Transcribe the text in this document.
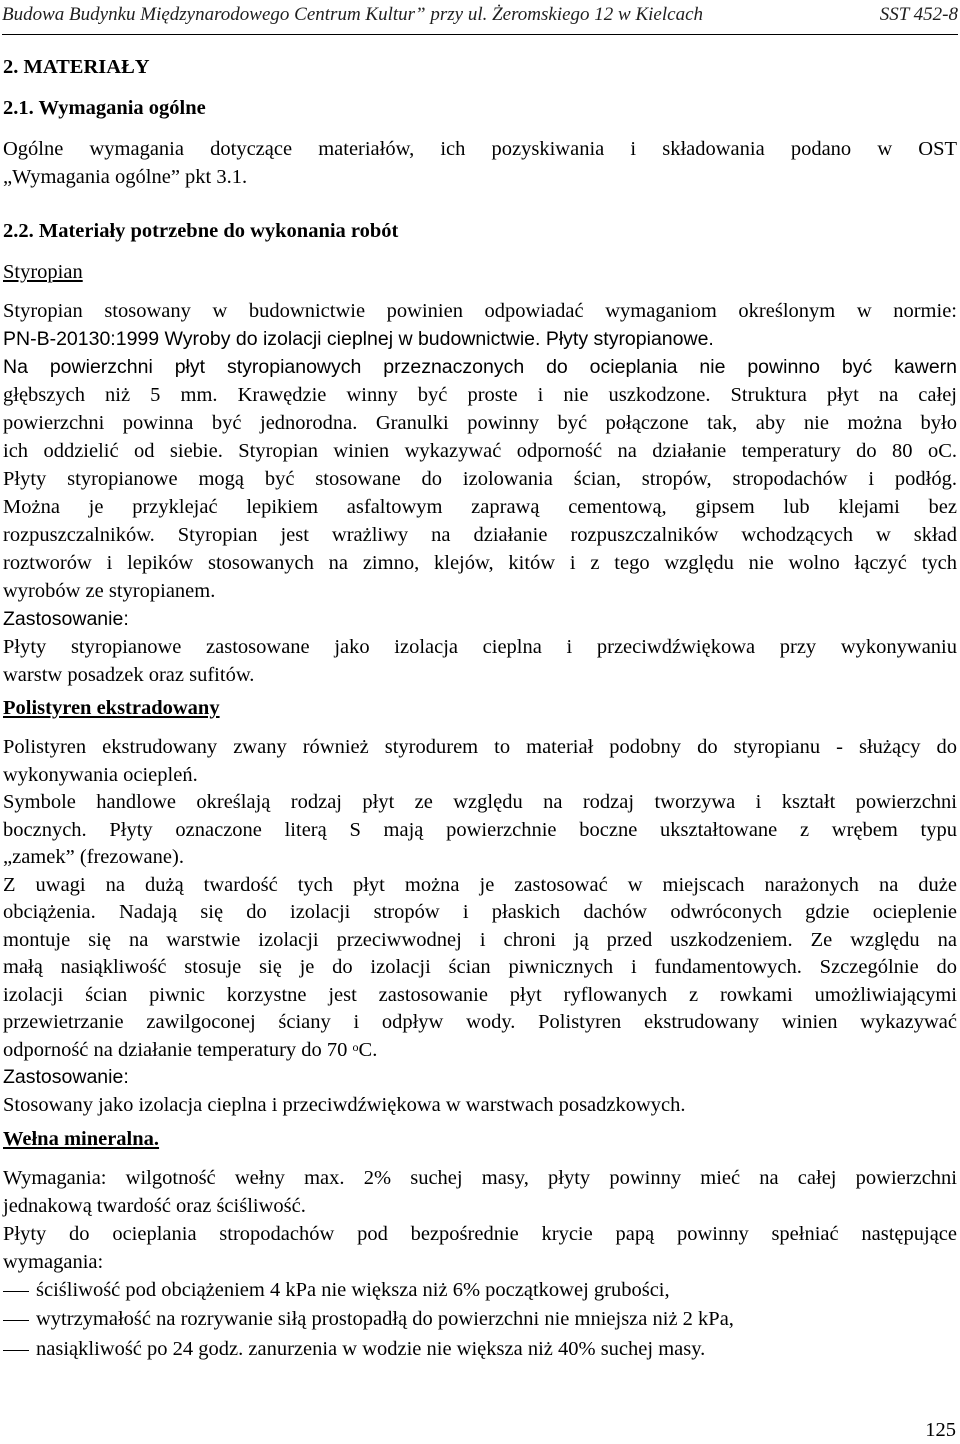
Budowa Budynku Międzynarodowego Centrum Kultur” przy ul. Żeromskiego 12 w Kielcach	SST 452-8
2. MATERIAŁY
2.1. Wymagania ogólne
Ogólne wymagania dotyczące materiałów, ich pozyskiwania i składowania podano w OST
„Wymagania ogólne” pkt 3.1.
2.2. Materiały potrzebne do wykonania robót
Styropian
Styropian stosowany w budownictwie powinien odpowiadać wymaganiom określonym w normie:
PN-B-20130:1999 Wyroby do izolacji cieplnej w budownictwie. Płyty styropianowe.
Na powierzchni płyt styropianowych przeznaczonych do ocieplania nie powinno być kawern
głębszych niż 5 mm. Krawędzie winny być proste i nie uszkodzone. Struktura płyt na całej
powierzchni powinna być jednorodna. Granulki powinny być połączone tak, aby nie można było
ich oddzielić od siebie. Styropian winien wykazywać odporność na działanie temperatury do 80 oC.
Płyty styropianowe mogą być stosowane do izolowania ścian, stropów, stropodachów i podłóg.
Można je przyklejać lepikiem asfaltowym zaprawą cementową, gipsem lub klejami bez
rozpuszczalników. Styropian jest wrażliwy na działanie rozpuszczalników wchodzących w skład
roztworów i lepików stosowanych na zimno, klejów, kitów i z tego względu nie wolno łączyć tych
wyrobów ze styropianem.
Zastosowanie:
Płyty styropianowe zastosowane jako izolacja cieplna i przeciwdźwiękowa przy wykonywaniu
warstw posadzek oraz sufitów.
Polistyren ekstradowany
Polistyren ekstrudowany zwany również styrodurem to materiał podobny do styropianu - służący do
wykonywania ociepleń.
Symbole handlowe określają rodzaj płyt ze względu na rodzaj tworzywa i kształt powierzchni
bocznych. Płyty oznaczone literą S mają powierzchnie boczne ukształtowane z wrębem typu
„zamek” (frezowane).
Z uwagi na dużą twardość tych płyt można je zastosować w miejscach narażonych na duże
obciążenia. Nadają się do izolacji stropów i płaskich dachów odwróconych gdzie ocieplenie
montuje się na warstwie izolacji przeciwwodnej i chroni ją przed uszkodzeniem. Ze względu na
małą nasiąkliwość stosuje się je do izolacji ścian piwnicznych i fundamentowych. Szczególnie do
izolacji ścian piwnic korzystne jest zastosowanie płyt ryflowanych z rowkami umożliwiającymi
przewietrzanie zawilgoconej ściany i odpływ wody. Polistyren ekstrudowany winien wykazywać
odporność na działanie temperatury do 70 $^o$C.
Zastosowanie:
Stosowany jako izolacja cieplna i przeciwdźwiękowa w warstwach posadzkowych.
Wełna mineralna.
Wymagania: wilgotność wełny max. 2% suchej masy, płyty powinny mieć na całej powierzchni
jednakową twardość oraz ściśliwość.
Płyty do ocieplania stropodachów pod bezpośrednie krycie papą powinny spełniać następujące
wymagania:
ściśliwość pod obciążeniem 4 kPa nie większa niż 6% początkowej grubości,
wytrzymałość na rozrywanie siłą prostopadłą do powierzchni nie mniejsza niż 2 kPa,
nasiąkliwość po 24 godz. zanurzenia w wodzie nie większa niż 40% suchej masy.
125
